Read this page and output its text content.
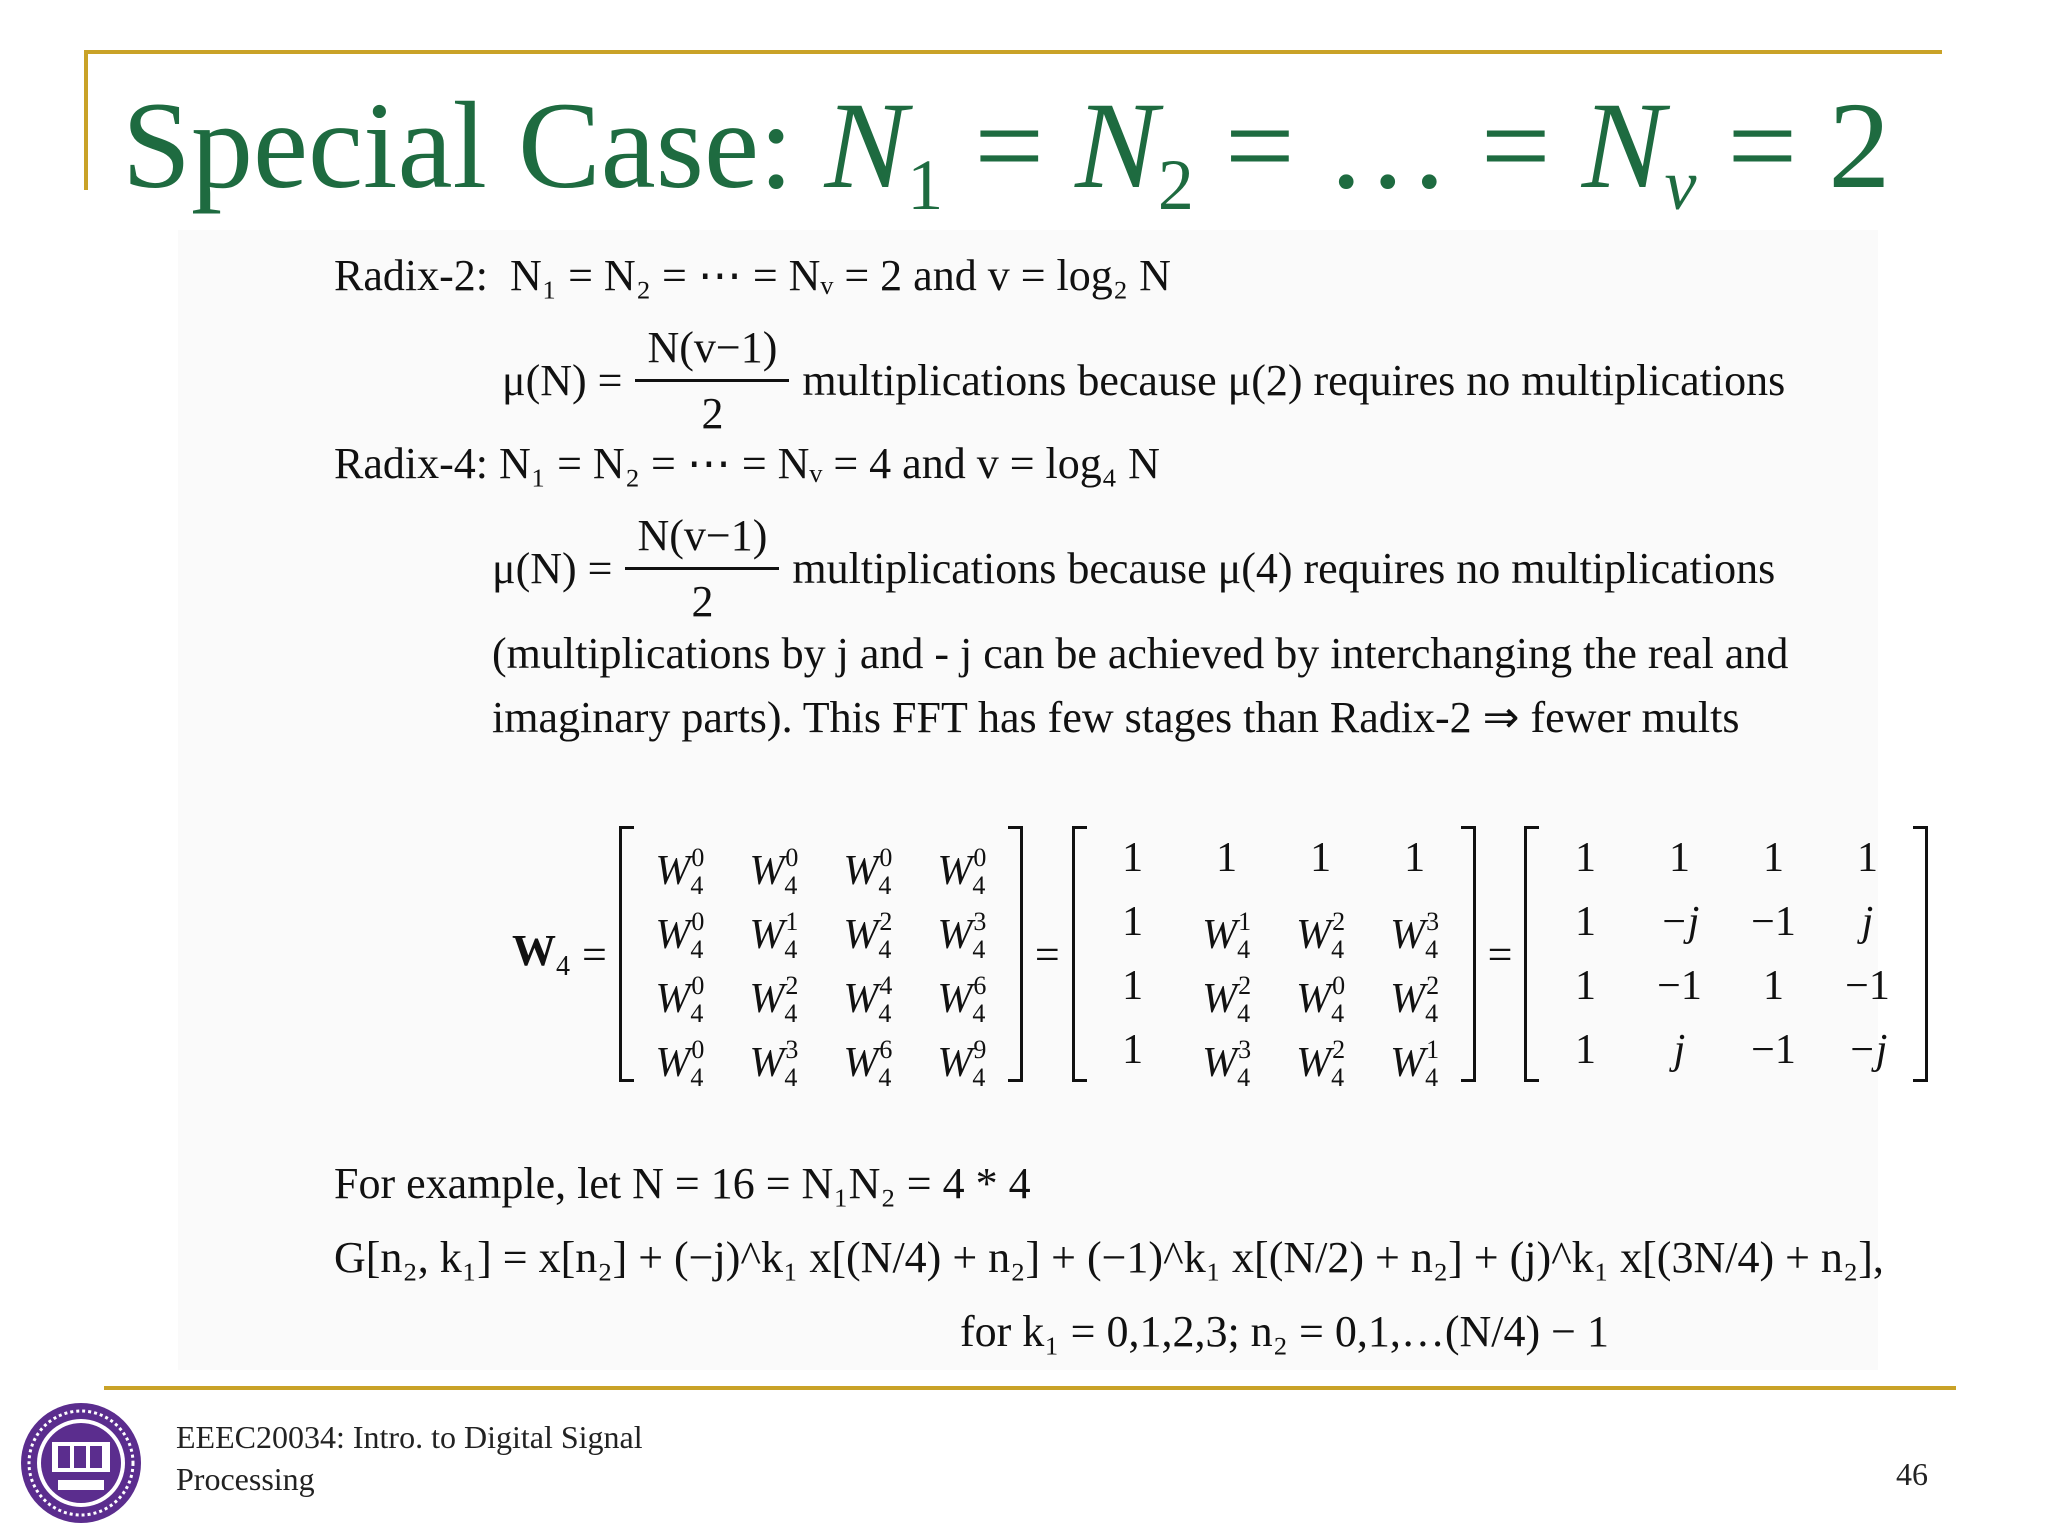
Special Case: $N_1 = N_2$ = … = $N_v = 2$
Radix-2: N₁ = N₂ = ⋯ = Nᵥ = 2 and v = log₂ N
$\mu(N) = \frac{N(v-1)}{2}$ multiplications because μ(2) requires no multiplications
Radix-4: N₁ = N₂ = ⋯ = Nᵥ = 4 and v = log₄ N
$\mu(N) = \frac{N(v-1)}{2}$ multiplications because μ(4) requires no multiplications
(multiplications by j and - j can be achieved by interchanging the real and
imaginary parts). This FFT has few stages than Radix-2 ⇒ fewer mults
$W_4$ =
$W_4^0$	$W_4^0$	$W_4^0$	$W_4^0$
$W_4^0$	$W_4^1$	$W_4^2$	$W_4^3$
$W_4^0$	$W_4^2$	$W_4^4$	$W_4^6$
$W_4^0$	$W_4^3$	$W_4^6$	$W_4^9$
=
1	1	1	1
1	$W_4^1$	$W_4^2$	$W_4^3$
1	$W_4^2$	$W_4^0$	$W_4^2$
1	$W_4^3$	$W_4^2$	$W_4^1$
=
1	1	1	1
1	−j	−1	j
1	−1	1	−1
1	j	−1	−j
For example, let N = 16 = N₁N₂ = 4 * 4
G[n₂, k₁] = x[n₂] + (−j)^k₁ x[(N/4) + n₂] + (−1)^k₁ x[(N/2) + n₂] + (j)^k₁ x[(3N/4) + n₂],
for k₁ = 0,1,2,3; n₂ = 0,1,…(N/4) − 1
EEEC20034: Intro. to Digital Signal
Processing	46
